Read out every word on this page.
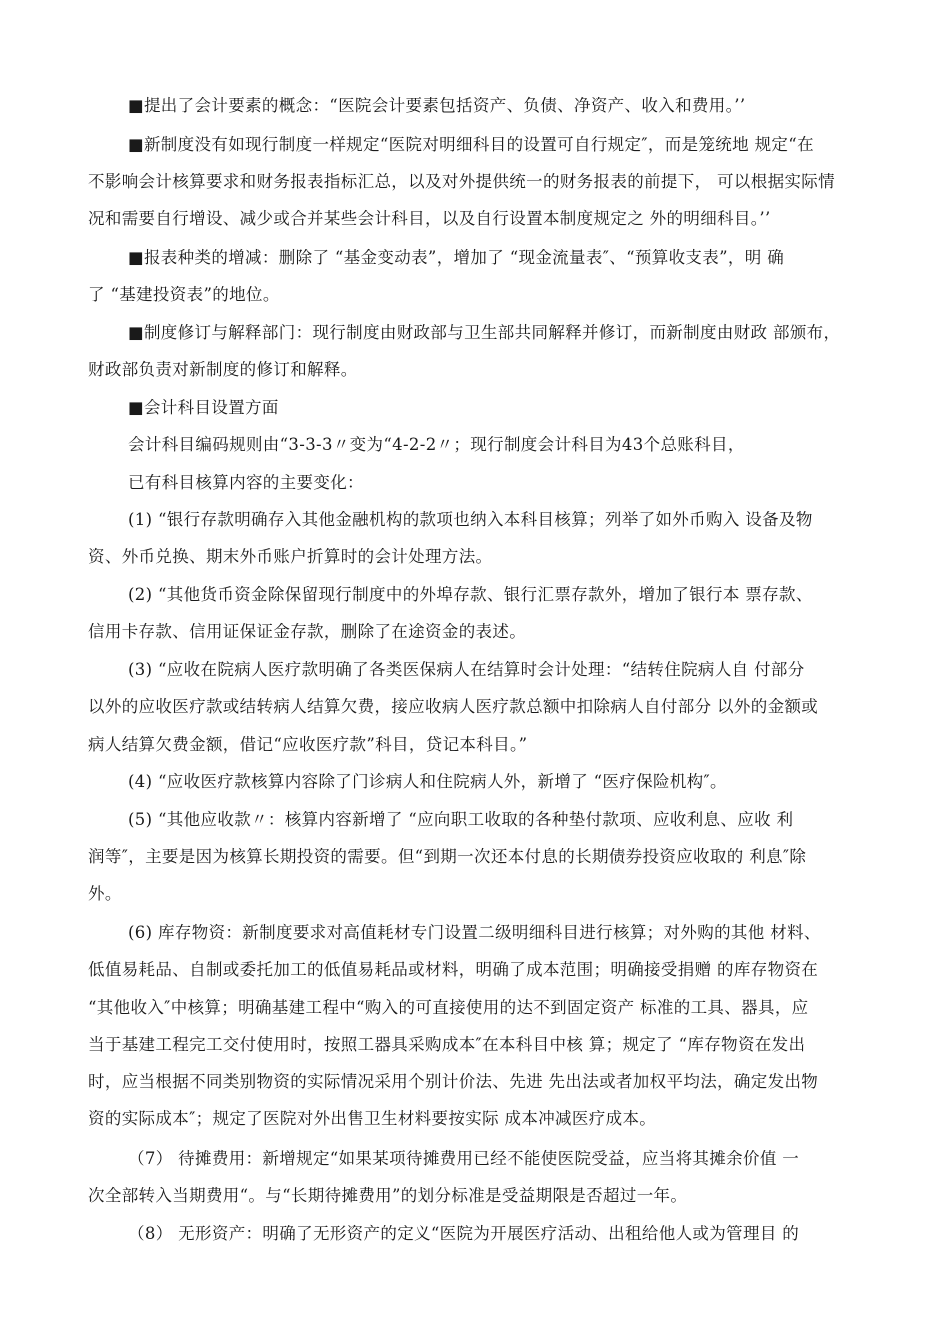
■提出了会计要素的概念：“医院会计要素包括资产、负债、净资产、收入和费用。’’
■新制度没有如现行制度一样规定“医院对明细科目的设置可自行规定″，而是笼统地 规定“在
不影响会计核算要求和财务报表指标汇总，以及对外提供统一的财务报表的前提下， 可以根据实际情
况和需要自行增设、减少或合并某些会计科目，以及自行设置本制度规定之 外的明细科目。’’
■报表种类的增减：删除了 “基金变动表”，增加了 “现金流量表″、“预算收支表”，明 确
了 “基建投资表”的地位。
■制度修订与解释部门：现行制度由财政部与卫生部共同解释并修订，而新制度由财政 部颁布，
财政部负责对新制度的修订和解释。
■会计科目设置方面
会计科目编码规则由“3-3-3〃变为“4-2-2〃；现行制度会计科目为43个总账科目，
已有科目核算内容的主要变化：
(1) “银行存款明确存入其他金融机构的款项也纳入本科目核算；列举了如外币购入 设备及物
资、外币兑换、期末外币账户折算时的会计处理方法。
(2) “其他货币资金除保留现行制度中的外埠存款、银行汇票存款外，增加了银行本 票存款、
信用卡存款、信用证保证金存款，删除了在途资金的表述。
(3) “应收在院病人医疗款明确了各类医保病人在结算时会计处理：“结转住院病人自 付部分
以外的应收医疗款或结转病人结算欠费，接应收病人医疗款总额中扣除病人自付部分 以外的金额或
病人结算欠费金额，借记“应收医疗款”科目，贷记本科目。”
(4) “应收医疗款核算内容除了门诊病人和住院病人外，新增了 “医疗保险机构″。
(5) “其他应收款〃：核算内容新增了 “应向职工收取的各种垫付款项、应收利息、应收 利
润等″，主要是因为核算长期投资的需要。但“到期一次还本付息的长期债券投资应收取的 利息″除
外。
(6) 库存物资：新制度要求对高值耗材专门设置二级明细科目进行核算；对外购的其他 材料、
低值易耗品、自制或委托加工的低值易耗品或材料，明确了成本范围；明确接受捐赠 的库存物资在
“其他收入″中核算；明确基建工程中“购入的可直接使用的达不到固定资产 标准的工具、器具，应
当于基建工程完工交付使用时，按照工器具采购成本″在本科目中核 算；规定了 “库存物资在发出
时，应当根据不同类别物资的实际情况采用个别计价法、先进 先出法或者加权平均法，确定发出物
资的实际成本″；规定了医院对外出售卫生材料要按实际 成本冲减医疗成本。
（7） 待摊费用：新增规定“如果某项待摊费用已经不能使医院受益，应当将其摊余价值 一
次全部转入当期费用“。与“长期待摊费用”的划分标准是受益期限是否超过一年。
（8） 无形资产：明确了无形资产的定义“医院为开展医疗活动、出租给他人或为管理目 的
